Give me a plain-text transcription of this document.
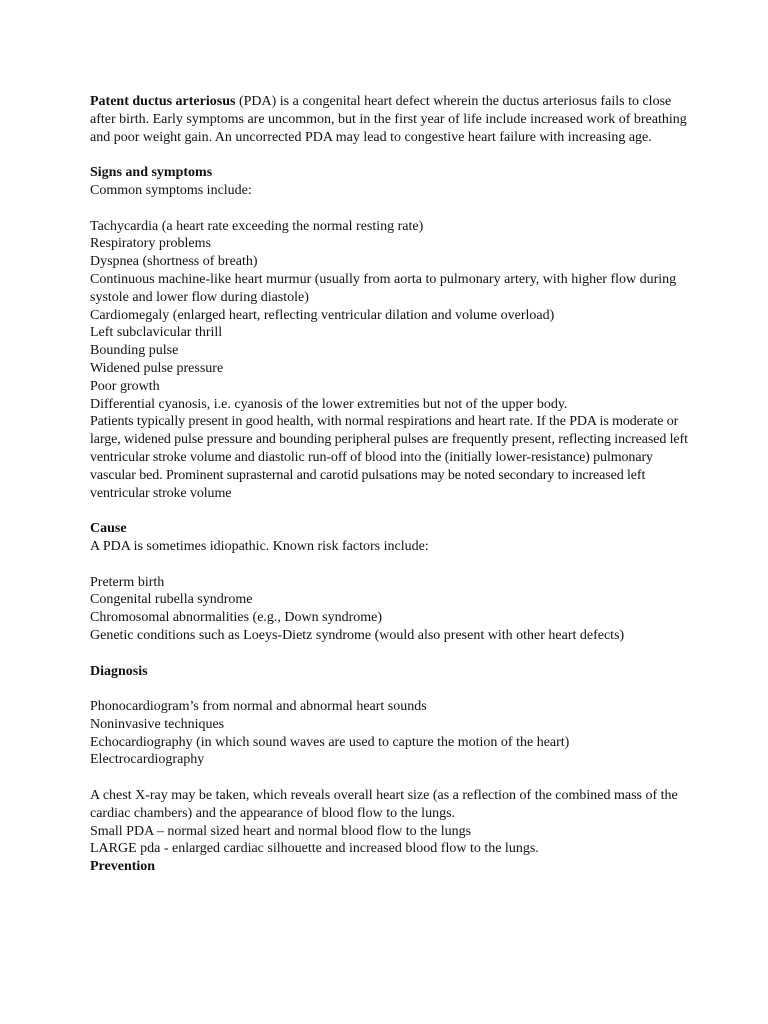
Patent ductus arteriosus (PDA) is a congenital heart defect wherein the ductus arteriosus fails to close after birth. Early symptoms are uncommon, but in the first year of life include increased work of breathing and poor weight gain. An uncorrected PDA may lead to congestive heart failure with increasing age.

Signs and symptoms

Common symptoms include:

Tachycardia (a heart rate exceeding the normal resting rate)

Respiratory problems

Dyspnea (shortness of breath)

Continuous machine-like heart murmur (usually from aorta to pulmonary artery, with higher flow during systole and lower flow during diastole)

Cardiomegaly (enlarged heart, reflecting ventricular dilation and volume overload)

Left subclavicular thrill

Bounding pulse

Widened pulse pressure

Poor growth

Differential cyanosis, i.e. cyanosis of the lower extremities but not of the upper body.

Patients typically present in good health, with normal respirations and heart rate. If the PDA is moderate or large, widened pulse pressure and bounding peripheral pulses are frequently present, reflecting increased left ventricular stroke volume and diastolic run-off of blood into the (initially lower-resistance) pulmonary vascular bed. Prominent suprasternal and carotid pulsations may be noted secondary to increased left ventricular stroke volume

Cause

A PDA is sometimes idiopathic. Known risk factors include:

Preterm birth

Congenital rubella syndrome

Chromosomal abnormalities (e.g., Down syndrome)

Genetic conditions such as Loeys-Dietz syndrome (would also present with other heart defects)

Diagnosis

Phonocardiogram’s from normal and abnormal heart sounds

Noninvasive techniques

Echocardiography (in which sound waves are used to capture the motion of the heart)

Electrocardiography

A chest X-ray may be taken, which reveals overall heart size (as a reflection of the combined mass of the cardiac chambers) and the appearance of blood flow to the lungs.

Small PDA – normal sized heart and normal blood flow to the lungs

LARGE pda - enlarged cardiac silhouette and increased blood flow to the lungs.

Prevention
